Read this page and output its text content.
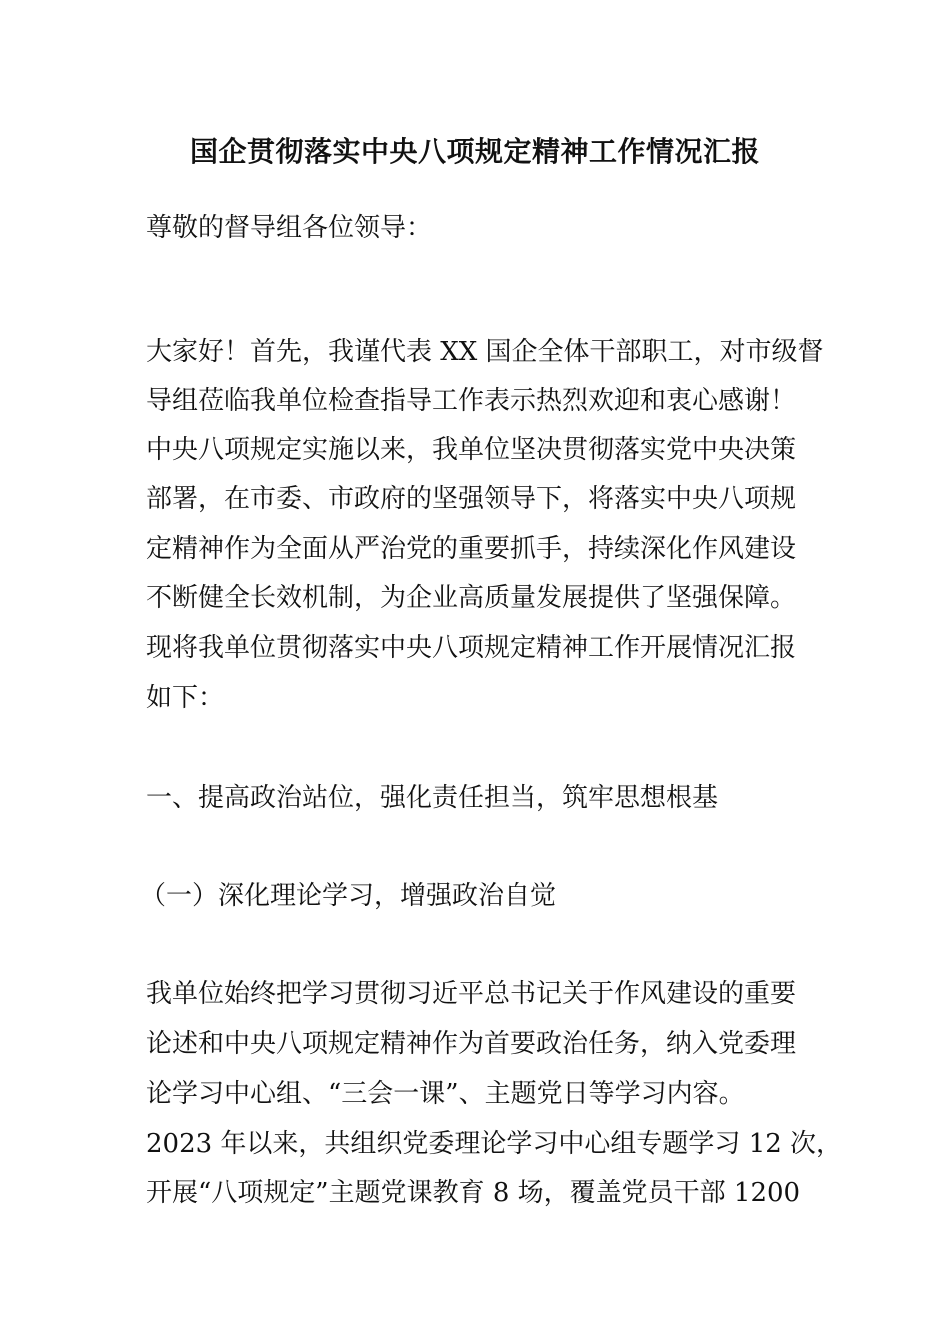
国企贯彻落实中央八项规定精神工作情况汇报
尊敬的督导组各位领导：
大家好！首先，我谨代表 XX 国企全体干部职工，对市级督
导组莅临我单位检查指导工作表示热烈欢迎和衷心感谢！
中央八项规定实施以来，我单位坚决贯彻落实党中央决策
部署，在市委、市政府的坚强领导下，将落实中央八项规
定精神作为全面从严治党的重要抓手，持续深化作风建设
不断健全长效机制，为企业高质量发展提供了坚强保障。
现将我单位贯彻落实中央八项规定精神工作开展情况汇报
如下：
一、提高政治站位，强化责任担当，筑牢思想根基
（一）深化理论学习，增强政治自觉
我单位始终把学习贯彻习近平总书记关于作风建设的重要
论述和中央八项规定精神作为首要政治任务，纳入党委理
论学习中心组、“三会一课”、主题党日等学习内容。
2023 年以来，共组织党委理论学习中心组专题学习 12 次，
开展“八项规定”主题党课教育 8 场，覆盖党员干部 1200
